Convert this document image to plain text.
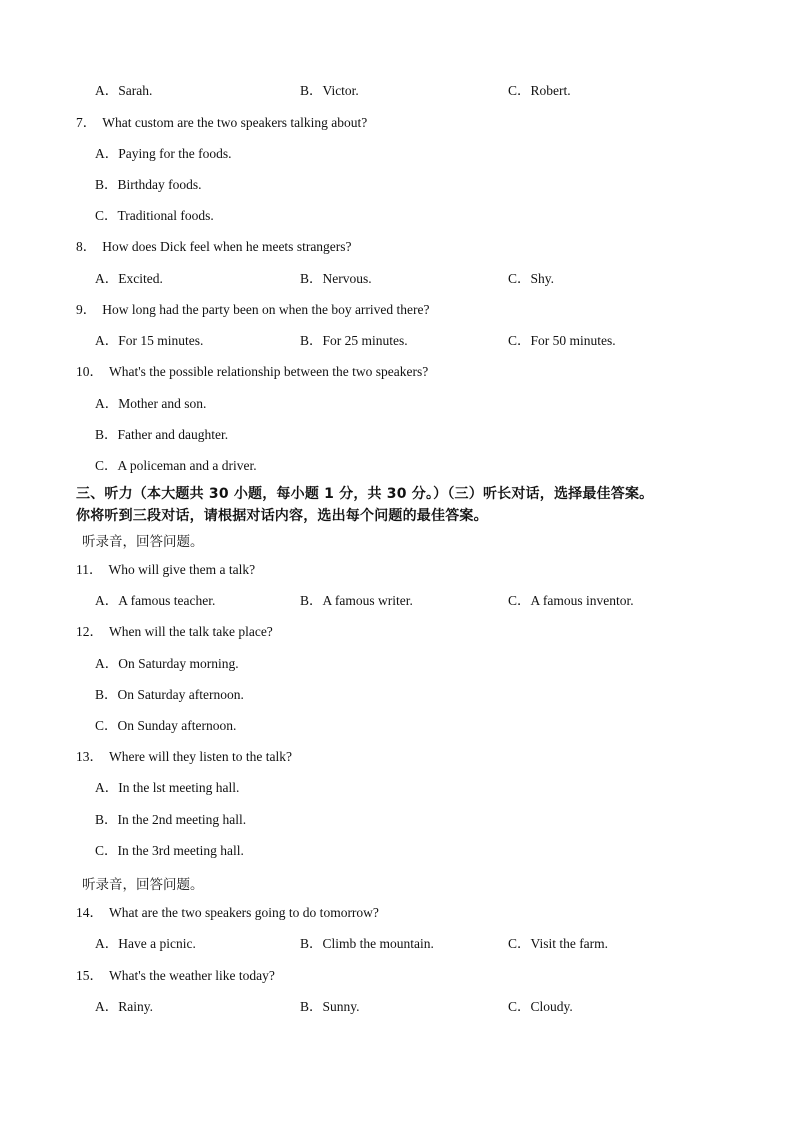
A．Sarah.	B．Victor.	C．Robert.
7． What custom are the two speakers talking about?
A．Paying for the foods.
B．Birthday foods.
C．Traditional foods.
8． How does Dick feel when he meets strangers?
A．Excited.	B．Nervous.	C．Shy.
9． How long had the party been on when the boy arrived there?
A．For 15 minutes.	B．For 25 minutes.	C．For 50 minutes.
10． What's the possible relationship between the two speakers?
A．Mother and son.
B．Father and daughter.
C．A policeman and a driver.
三、听力（本大题共 30 小题，每小题 1 分，共 30 分。）（三）听长对话，选择最佳答案。
你将听到三段对话，请根据对话内容，选出每个问题的最佳答案。
听录音，回答问题。
11． Who will give them a talk?
A．A famous teacher.	B．A famous writer.	C．A famous inventor.
12． When will the talk take place?
A．On Saturday morning.
B．On Saturday afternoon.
C．On Sunday afternoon.
13． Where will they listen to the talk?
A．In the lst meeting hall.
B．In the 2nd meeting hall.
C．In the 3rd meeting hall.
听录音，回答问题。
14． What are the two speakers going to do tomorrow?
A．Have a picnic.	B．Climb the mountain.	C．Visit the farm.
15． What's the weather like today?
A．Rainy.	B．Sunny.	C．Cloudy.
